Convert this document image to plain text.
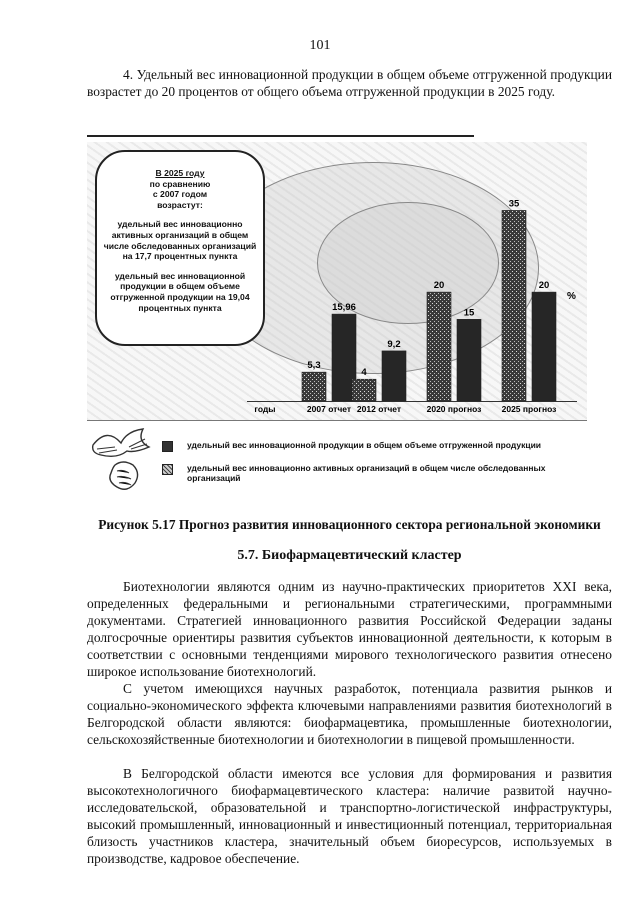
101

4. Удельный вес инновационной продукции в общем объеме отгруженной продукции возрастет до 20 процентов от общего объема отгруженной продукции в 2025 году.

5,3
15,96
4
9,2
20
15
35
20
2007 отчет 2012 отчет	2020 прогноз 2025 прогноз
годы
%
В 2025 году
по сравнению
с 2007 годом
возрастут:
удельный вес инновационно активных организаций в общем числе обследованных организаций на 17,7 процентных пункта
удельный вес инновационной продукции в общем объеме отгруженной продукции на 19,04 процентных пункта
удельный вес инновационной продукции в общем объеме отгруженной продукции
удельный вес инновационно активных организаций в общем числе обследованных организаций
Рисунок 5.17 Прогноз развития инновационного сектора региональной экономики
5.7. Биофармацевтический кластер

Биотехнологии являются одним из научно-практических приоритетов XXI века, определенных федеральными и региональными стратегическими, программными документами. Стратегией инновационного развития Российской Федерации заданы долгосрочные ориентиры развития субъектов инновационной деятельности, к которым в соответствии с основными тенденциями мирового технологического развития отнесено широкое использование биотехнологий.

С учетом имеющихся научных разработок, потенциала развития рынков и социально-экономического эффекта ключевыми направлениями развития биотехнологий в Белгородской области являются: биофармацевтика, промышленные биотехнологии, сельскохозяйственные биотехнологии и биотехнологии в пищевой промышленности.

В Белгородской области имеются все условия для формирования и развития высокотехнологичного биофармацевтического кластера: наличие развитой научно-исследовательской, образовательной и транспортно-логистической инфраструктуры, высокий промышленный, инновационный и инвестиционный потенциал, территориальная близость участников кластера, значительный объем биоресурсов, используемых в производстве, кадровое обеспечение.
